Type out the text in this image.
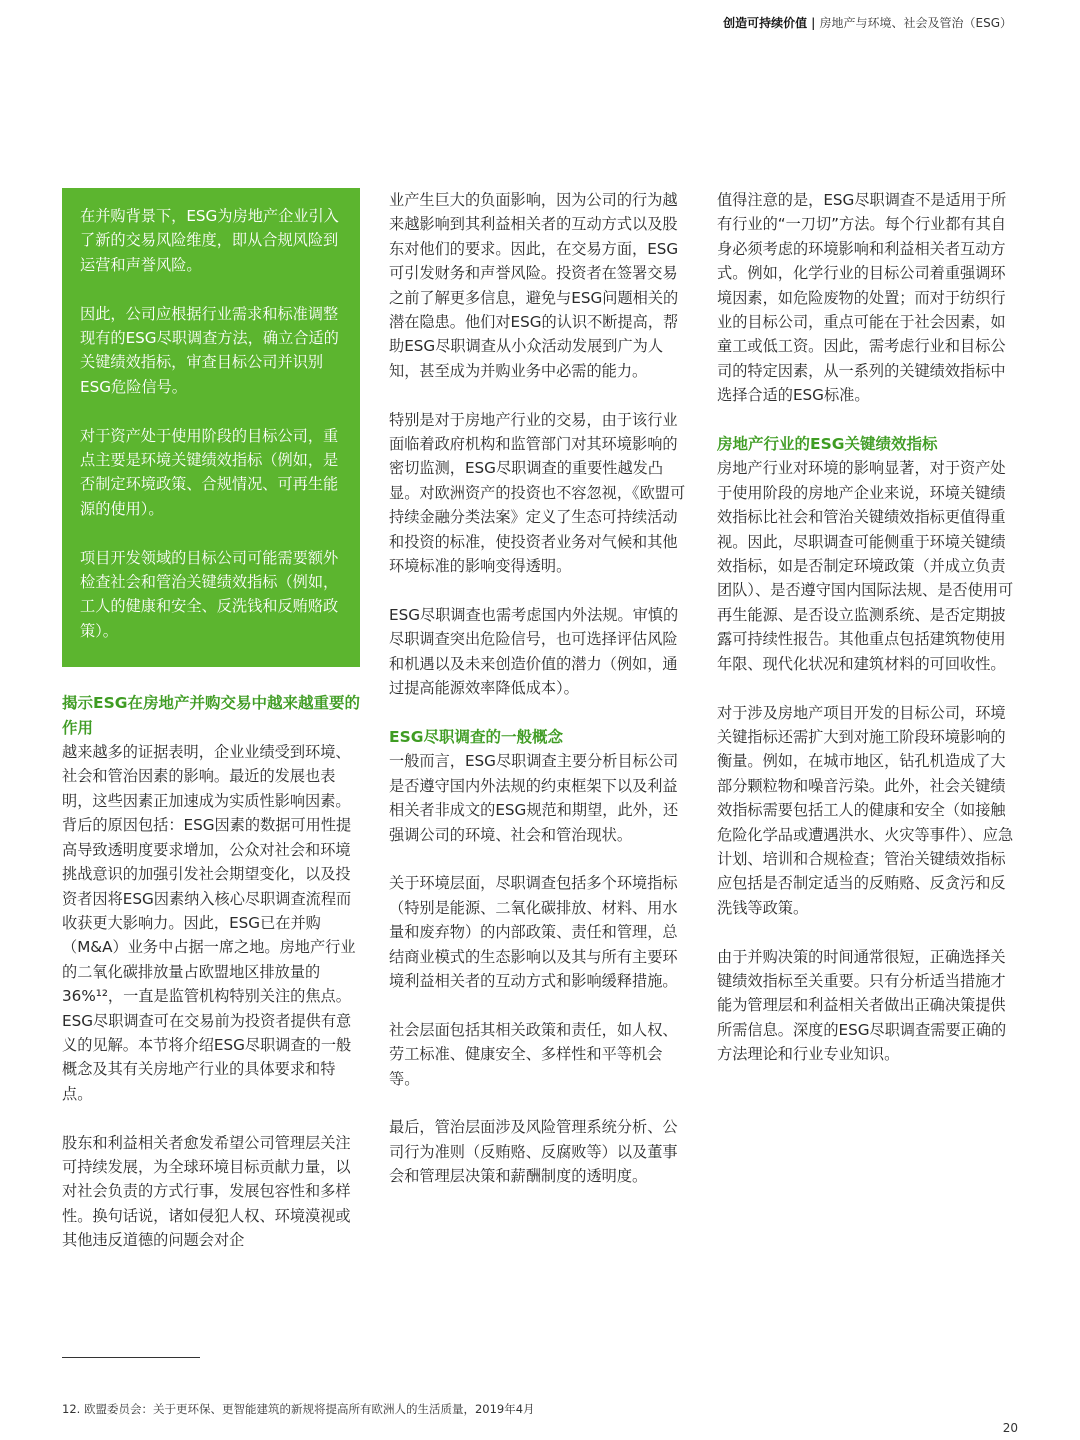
创造可持续价值 | 房地产与环境、社会及管治（ESG）

在并购背景下，ESG为房地产企业引入了新的交易风险维度，即从合规风险到运营和声誉风险。

因此，公司应根据行业需求和标准调整现有的ESG尽职调查方法，确立合适的关键绩效指标，审查目标公司并识别ESG危险信号。

对于资产处于使用阶段的目标公司，重点主要是环境关键绩效指标（例如，是否制定环境政策、合规情况、可再生能源的使用）。

项目开发领域的目标公司可能需要额外检查社会和管治关键绩效指标（例如，工人的健康和安全、反洗钱和反贿赂政策）。

揭示ESG在房地产并购交易中越来越重要的作用

越来越多的证据表明，企业业绩受到环境、社会和管治因素的影响。最近的发展也表明，这些因素正加速成为实质性影响因素。背后的原因包括：ESG因素的数据可用性提高导致透明度要求增加，公众对社会和环境挑战意识的加强引发社会期望变化，以及投资者因将ESG因素纳入核心尽职调查流程而收获更大影响力。因此，ESG已在并购（M&A）业务中占据一席之地。房地产行业的二氧化碳排放量占欧盟地区排放量的36%¹²，一直是监管机构特别关注的焦点。ESG尽职调查可在交易前为投资者提供有意义的见解。本节将介绍ESG尽职调查的一般概念及其有关房地产行业的具体要求和特点。

股东和利益相关者愈发希望公司管理层关注可持续发展，为全球环境目标贡献力量，以对社会负责的方式行事，发展包容性和多样性。换句话说，诸如侵犯人权、环境漠视或其他违反道德的问题会对企

业产生巨大的负面影响，因为公司的行为越来越影响到其利益相关者的互动方式以及股东对他们的要求。因此，在交易方面，ESG可引发财务和声誉风险。投资者在签署交易之前了解更多信息，避免与ESG问题相关的潜在隐患。他们对ESG的认识不断提高，帮助ESG尽职调查从小众活动发展到广为人知，甚至成为并购业务中必需的能力。

特别是对于房地产行业的交易，由于该行业面临着政府机构和监管部门对其环境影响的密切监测，ESG尽职调查的重要性越发凸显。对欧洲资产的投资也不容忽视，《欧盟可持续金融分类法案》定义了生态可持续活动和投资的标准，使投资者业务对气候和其他环境标准的影响变得透明。

ESG尽职调查也需考虑国内外法规。审慎的尽职调查突出危险信号，也可选择评估风险和机遇以及未来创造价值的潜力（例如，通过提高能源效率降低成本）。

ESG尽职调查的一般概念

一般而言，ESG尽职调查主要分析目标公司是否遵守国内外法规的约束框架下以及利益相关者非成文的ESG规范和期望，此外，还强调公司的环境、社会和管治现状。

关于环境层面，尽职调查包括多个环境指标（特别是能源、二氧化碳排放、材料、用水量和废弃物）的内部政策、责任和管理，总结商业模式的生态影响以及其与所有主要环境利益相关者的互动方式和影响缓释措施。

社会层面包括其相关政策和责任，如人权、劳工标准、健康安全、多样性和平等机会等。

最后，管治层面涉及风险管理系统分析、公司行为准则（反贿赂、反腐败等）以及董事会和管理层决策和薪酬制度的透明度。

值得注意的是，ESG尽职调查不是适用于所有行业的“一刀切”方法。每个行业都有其自身必须考虑的环境影响和利益相关者互动方式。例如，化学行业的目标公司着重强调环境因素，如危险废物的处置；而对于纺织行业的目标公司，重点可能在于社会因素，如童工或低工资。因此，需考虑行业和目标公司的特定因素，从一系列的关键绩效指标中选择合适的ESG标准。

房地产行业的ESG关键绩效指标

房地产行业对环境的影响显著，对于资产处于使用阶段的房地产企业来说，环境关键绩效指标比社会和管治关键绩效指标更值得重视。因此，尽职调查可能侧重于环境关键绩效指标，如是否制定环境政策（并成立负责团队）、是否遵守国内国际法规、是否使用可再生能源、是否设立监测系统、是否定期披露可持续性报告。其他重点包括建筑物使用年限、现代化状况和建筑材料的可回收性。

对于涉及房地产项目开发的目标公司，环境关键指标还需扩大到对施工阶段环境影响的衡量。例如，在城市地区，钻孔机造成了大部分颗粒物和噪音污染。此外，社会关键绩效指标需要包括工人的健康和安全（如接触危险化学品或遭遇洪水、火灾等事件）、应急计划、培训和合规检查；管治关键绩效指标应包括是否制定适当的反贿赂、反贪污和反洗钱等政策。

由于并购决策的时间通常很短，正确选择关键绩效指标至关重要。只有分析适当措施才能为管理层和利益相关者做出正确决策提供所需信息。深度的ESG尽职调查需要正确的方法理论和行业专业知识。

12. 欧盟委员会：关于更环保、更智能建筑的新规将提高所有欧洲人的生活质量，2019年4月
20
